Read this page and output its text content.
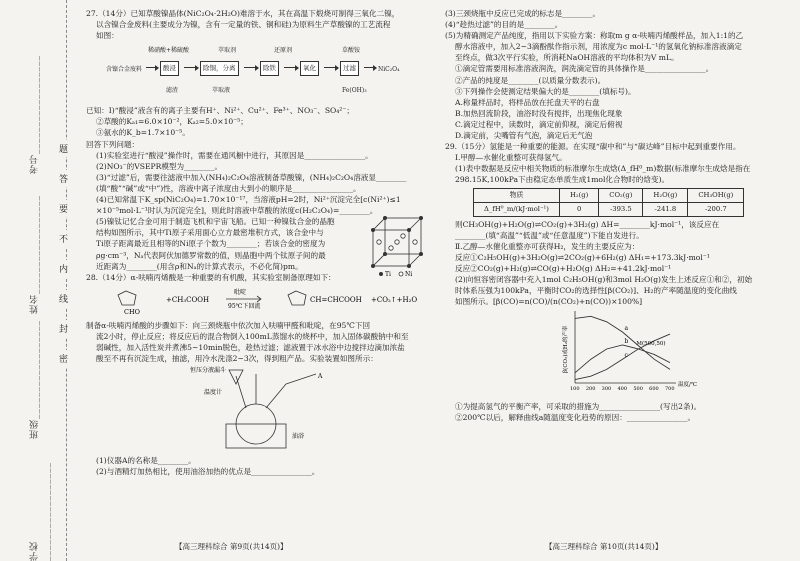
学校__________________
班级__________________
姓名__________________
考号__________________
密
封
线
内
不
要
答
题

27.（14分）已知草酸镍晶体(NiC₂O₄·2H₂O)难溶于水，其在高温下煅烧可制得三氧化二镍，

以含镍合金废料(主要成分为镍，含有一定量的铁、铜和硅)为原料生产草酸镍的工艺流程

如图：

含镍合金废料	酸浸	除铜，分离	除铁	氧化	过滤	NiC₂O₄
稀硝酸+稀硫酸	萃取剂	还原剂	草酸铵
滤渣	萃取液	Fe(OH)₃

已知：Ⅰ)“酸浸”液含有的离子主要有H⁺、Ni²⁺、Cu²⁺、Fe³⁺、NO₃⁻、SO₄²⁻；

②草酸的Kₐ₁=6.0×10⁻²，Kₐ₂=5.0×10⁻⁵；

③氨水的K_b=1.7×10⁻⁵。

回答下列问题：

(1)实验室进行“酸浸”操作时，需要在通风橱中进行，其原因是________________。

(2)NO₃⁻的VSEPR模型为________。

(3)“过滤”后，需要往滤液中加入(NH₄)₂C₂O₄溶液制备草酸镍，(NH₄)₂C₂O₄溶液显________

(填“酸”“碱”或“中”)性，溶液中离子浓度由大到小的顺序是________________。

(4)已知常温下K_sp(NiC₂O₄)=1.70×10⁻¹⁷，当溶液pH=2时，Ni²⁺沉淀完全[c(Ni²⁺)≤1

×10⁻⁵mol·L⁻¹时认为沉淀完全]，则此时溶液中草酸的浓度c(H₂C₂O₄)=________。

(5)镍钛记忆合金可用于制造飞机和宇宙飞船。已知一种镍钛合金的晶胞

结构如图所示，其中Ti原子采用面心立方最密堆积方式，该合金中与

Ti原子距离最近且相等的Ni原子个数为________；若该合金的密度为

ρg·cm⁻³，Nₐ代表阿伏加德罗常数的值，则晶胞中两个钛原子间的最

近距离为________(用含ρ和Nₐ的计算式表示，不必化简)pm。

Ti Ni

28.（14分）α-呋喃丙烯酸是一种重要的有机酸，其实验室制备原理如下：

CHO
+CH₃COOH
吡啶
95℃下回流
CH=CHCOOH +CO₂↑+H₂O

制备α-呋喃丙烯酸的步骤如下：向三颈烧瓶中依次加入呋喃甲醛和吡啶，在95℃下回

流2小时，停止反应；将反应后的混合物倒入100mL蒸馏水的烧杯中，加入固体碳酸钠中和至

弱碱性，加入活性炭并煮沸5~10min脱色，趁热过滤；滤液置于冰水浴中边搅拌边滴加浓盐

酸至不再有沉淀生成，抽滤，用冷水洗涤2~3次，得到粗产品。实验装置如图所示：

恒压分液漏斗
温度计
油浴
A

(1)仪器A的名称是________。

(2)与酒精灯加热相比，使用油浴加热的优点是________________。

【高三理科综合 第9页(共14页)】

(3)三颈烧瓶中反应已完成的标志是________。

(4)“趁热过滤”的目的是________。

(5)为精确测定产品纯度，指用以下实验方案：称取m g α-呋喃丙烯酸样品，加入1:1的乙

醇水溶液中，加入2~3滴酚酞作指示剂，用浓度为c mol·L⁻¹的氢氧化钠标准溶液滴定

至终点，做3次平行实验，所消耗NaOH溶液的平均体积为V mL。

①滴定管需要用标准溶液润洗，润洗滴定管的具体操作是________________。

②产品的纯度是________(以质量分数表示)。

③下列操作会使测定结果偏大的是________(填标号)。

A.称量样品时，将样品放在托盘天平的右盘

B.加热回流阶段，油浴时没有搅拌，出现焦化现象

C.滴定过程中，读数时，滴定前仰视，滴定后俯视

D.滴定前，尖嘴管有气泡，滴定后无气泡

29.（15分）氢能是一种重要的能源。在实现“碳中和”与“碳达峰”目标中起到重要作用。

Ⅰ.甲醇—水催化重整可获得氢气。

(1)表中数据是反应中相关物质的标准摩尔生成焓(Δ_fH⁰_m)数据(标准摩尔生成焓是指在

298.15K,100kPa下由稳定态单质生成1mol化合物时的焓变)。

物质	H₂(g)	CO₂(g)	H₂O(g)	CH₃OH(g)
Δ_fH⁰_m/(kJ·mol⁻¹)	0	-393.5	-241.8	-200.7

则CH₃OH(g)+H₂O(g)⇌CO₂(g)+3H₂(g) ΔH=________kJ·mol⁻¹，该反应在

________(填“高温”“低温”或“任意温度”)下能自发进行。

Ⅱ.乙醇—水催化重整亦可获得H₂，发生的主要反应为：

反应①C₂H₅OH(g)+3H₂O(g)⇌2CO₂(g)+6H₂(g) ΔH₁=+173.3kJ·mol⁻¹

反应②CO₂(g)+H₂(g)⇌CO(g)+H₂O(g) ΔH₂=+41.2kJ·mol⁻¹

(2)向恒容密闭容器中充入1mol C₂H₅OH(g)和3mol H₂O(g)发生上述反应①和②，初始

时体系压强为100kPa，平衡时CO₂的选择性[β(CO₂)]、H₂的产率随温度的变化曲线

如图所示。[β(CO)=n(CO)/(n(CO₂)+n(CO))×100%]

100 200 300 400 500 600 700
温度/℃
β(CO₂)或H₂的产率	a
b
c
M(500,50)

①为提高氢气的平衡产率，可采取的措施为________________(写出2条)。

②200℃以后，解释曲线a随温度变化趋势的原因：________________。

【高三理科综合 第10页(共14页)】
